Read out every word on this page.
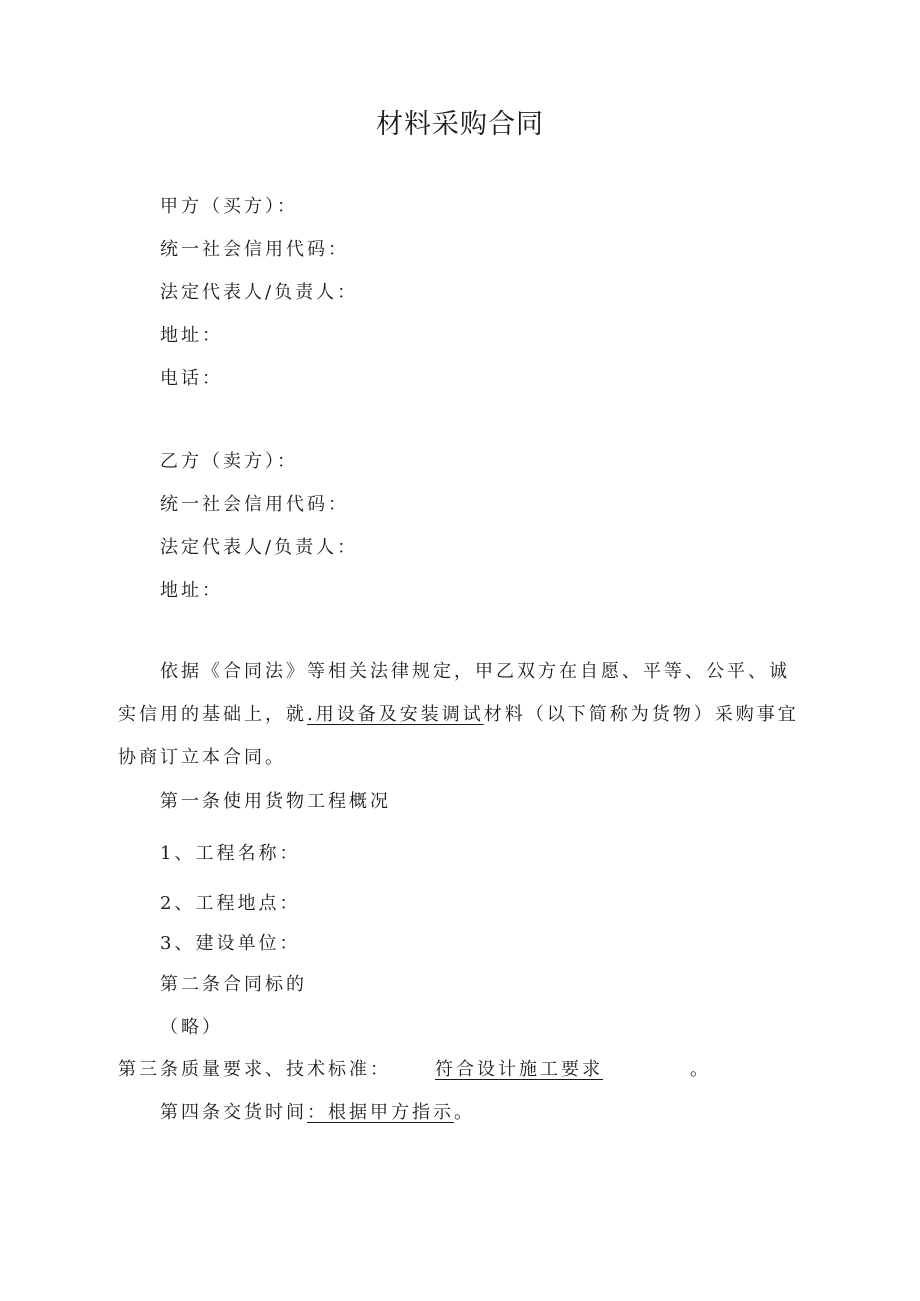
材料采购合同
甲方（买方）：
统一社会信用代码：
法定代表人/负责人：
地址：
电话：
乙方（卖方）：
统一社会信用代码：
法定代表人/负责人：
地址：

依据《合同法》等相关法律规定，甲乙双方在自愿、平等、公平、诚实信用的基础上，就.用设备及安装调试材料（以下简称为货物）采购事宜协商订立本合同。

第一条使用货物工程概况
1、工程名称：
2、工程地点：
3、建设单位：
第二条合同标的
（略）
第三条质量要求、技术标准： 符合设计施工要求	。
第四条交货时间：根据甲方指示。
